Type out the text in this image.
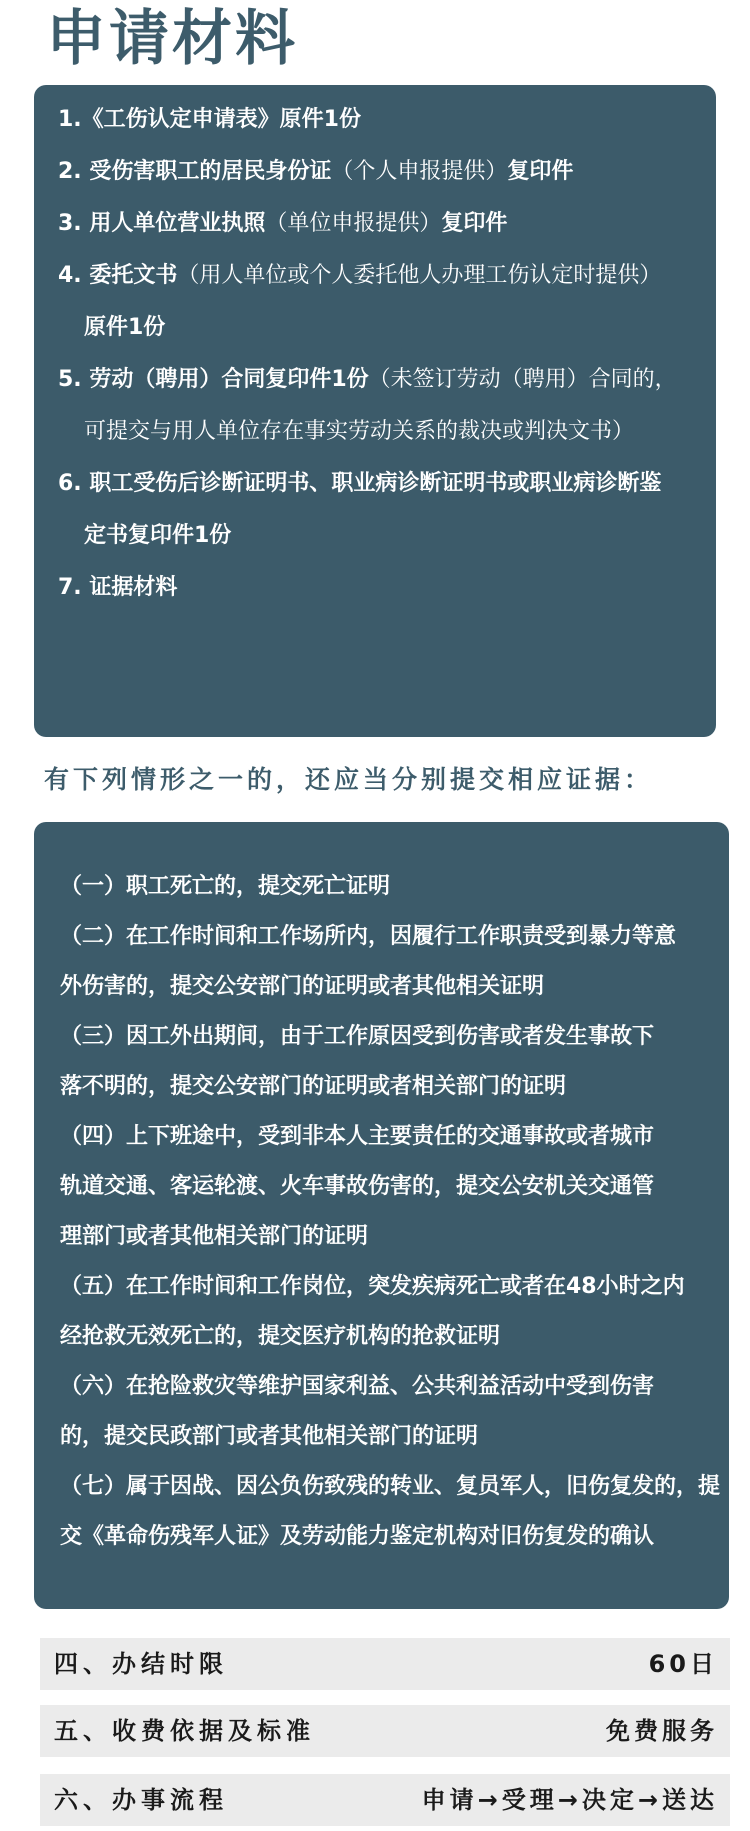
申请材料
1.《工伤认定申请表》原件1份
2. 受伤害职工的居民身份证（个人申报提供）复印件
3. 用人单位营业执照（单位申报提供）复印件
4. 委托文书（用人单位或个人委托他人办理工伤认定时提供）
原件1份
5. 劳动（聘用）合同复印件1份（未签订劳动（聘用）合同的，
可提交与用人单位存在事实劳动关系的裁决或判决文书）
6. 职工受伤后诊断证明书、职业病诊断证明书或职业病诊断鉴
定书复印件1份
7. 证据材料
有下列情形之一的，还应当分别提交相应证据：
（一）职工死亡的，提交死亡证明
（二）在工作时间和工作场所内，因履行工作职责受到暴力等意
外伤害的，提交公安部门的证明或者其他相关证明
（三）因工外出期间，由于工作原因受到伤害或者发生事故下
落不明的，提交公安部门的证明或者相关部门的证明
（四）上下班途中，受到非本人主要责任的交通事故或者城市
轨道交通、客运轮渡、火车事故伤害的，提交公安机关交通管
理部门或者其他相关部门的证明
（五）在工作时间和工作岗位，突发疾病死亡或者在48小时之内
经抢救无效死亡的，提交医疗机构的抢救证明
（六）在抢险救灾等维护国家利益、公共利益活动中受到伤害
的，提交民政部门或者其他相关部门的证明
（七）属于因战、因公负伤致残的转业、复员军人，旧伤复发的，提
交《革命伤残军人证》及劳动能力鉴定机构对旧伤复发的确认
四、办结时限	60日
五、收费依据及标准	免费服务
六、办事流程	申请→受理→决定→送达
